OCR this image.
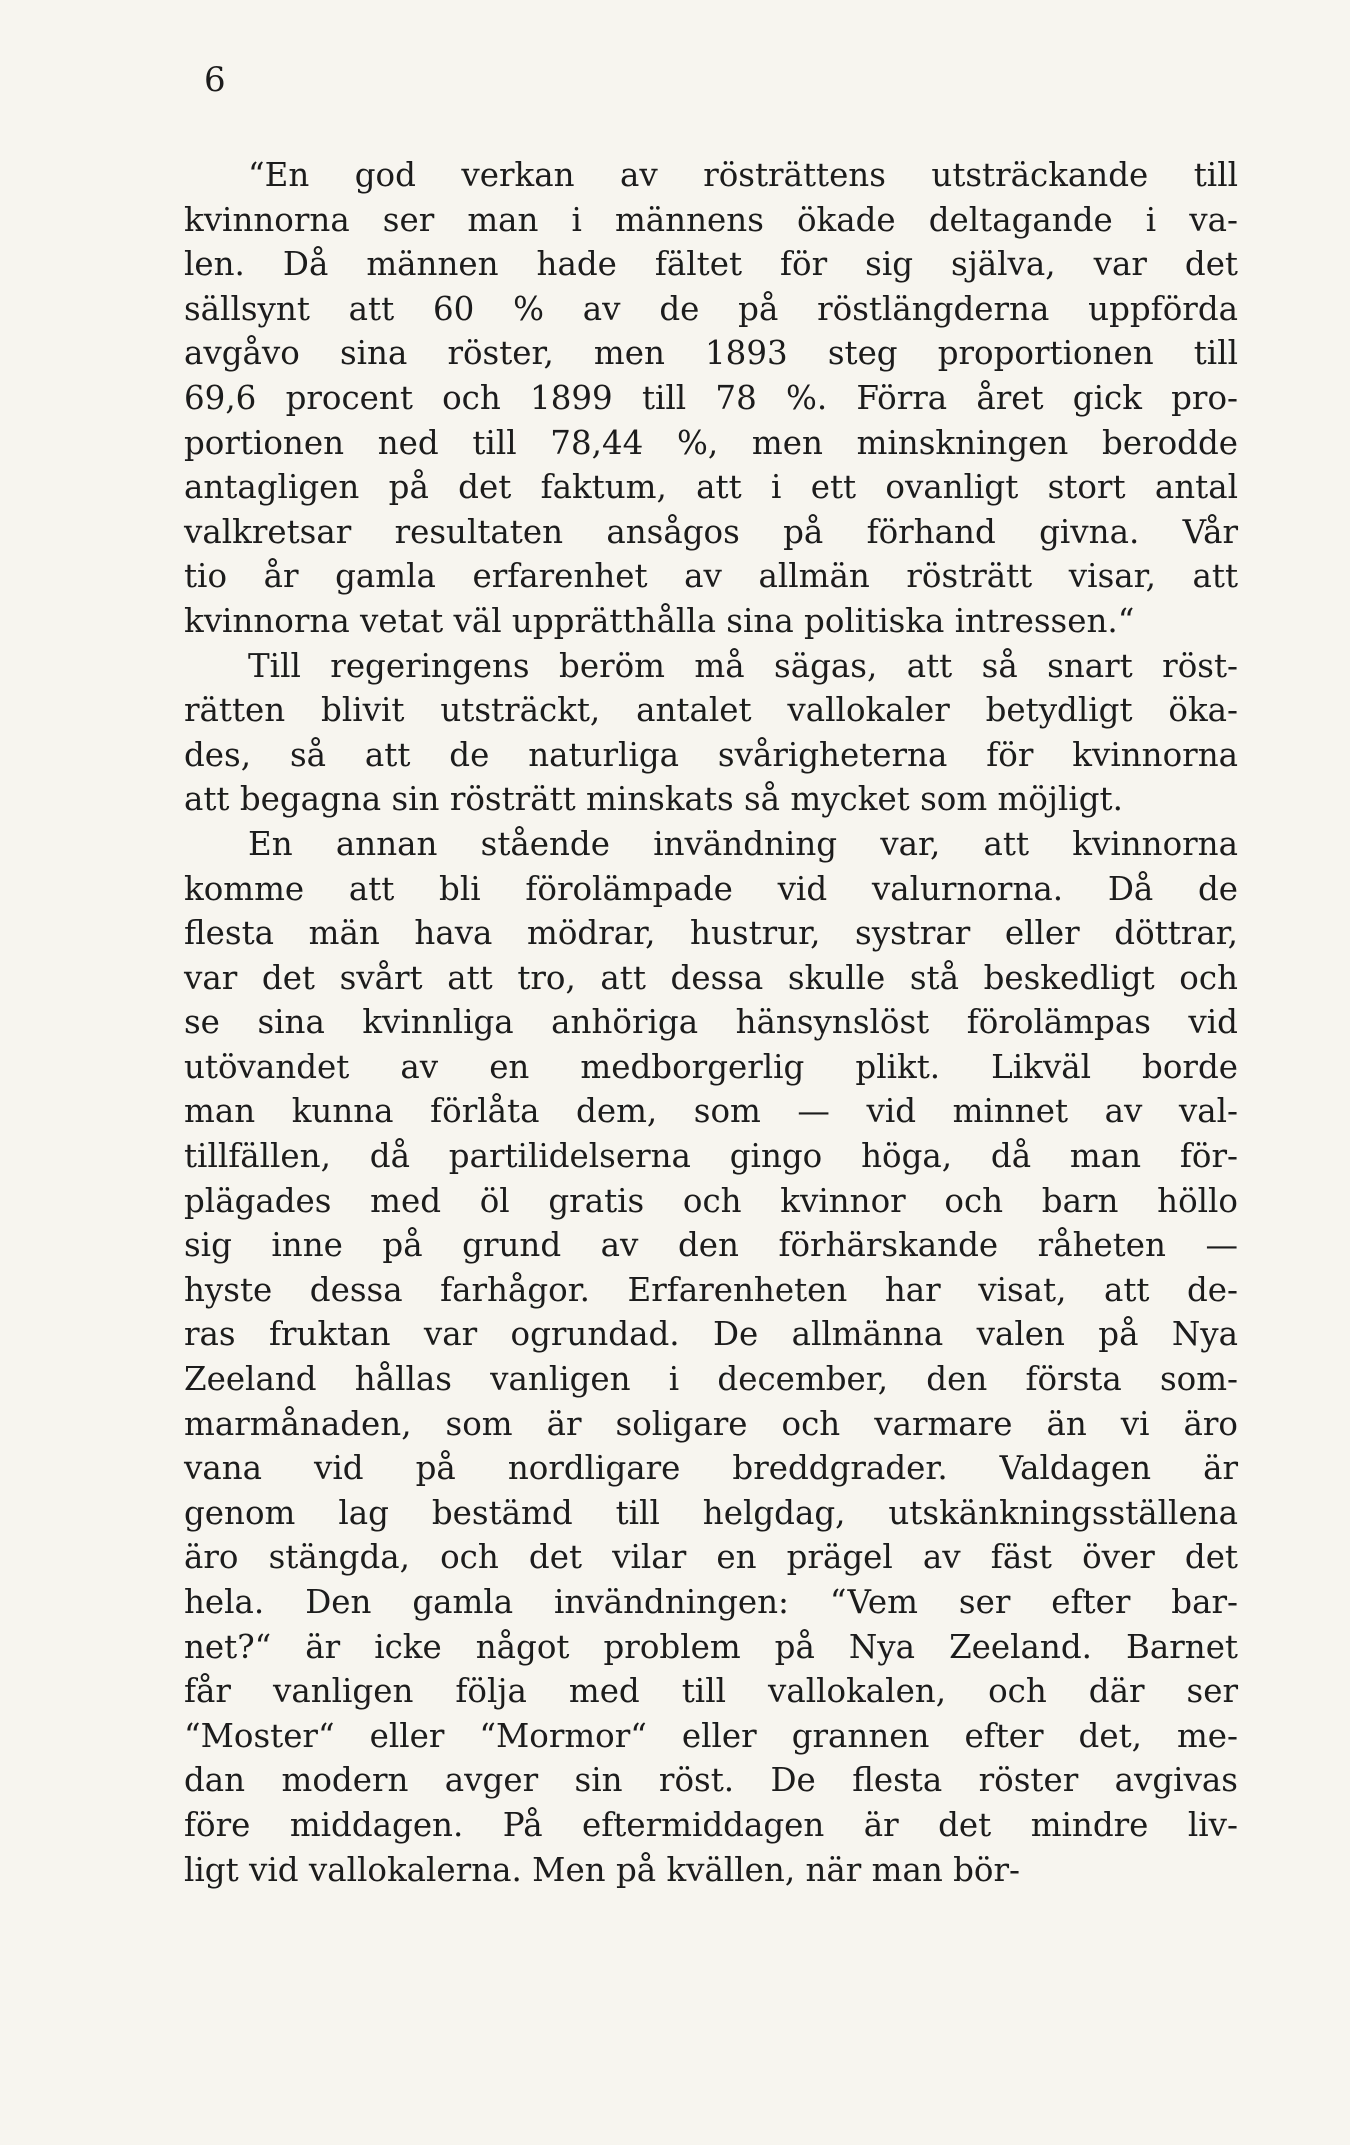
6
“En god verkan av rösträttens utsträckande till
kvinnorna ser man i männens ökade deltagande i va-
len. Då männen hade fältet för sig själva, var det
sällsynt att 60 % av de på röstlängderna uppförda
avgåvo sina röster, men 1893 steg proportionen till
69,6 procent och 1899 till 78 %. Förra året gick pro-
portionen ned till 78,44 %, men minskningen berodde
antagligen på det faktum, att i ett ovanligt stort antal
valkretsar resultaten ansågos på förhand givna. Vår
tio år gamla erfarenhet av allmän rösträtt visar, att
kvinnorna vetat väl upprätthålla sina politiska intressen.“
Till regeringens beröm må sägas, att så snart röst-
rätten blivit utsträckt, antalet vallokaler betydligt öka-
des, så att de naturliga svårigheterna för kvinnorna
att begagna sin rösträtt minskats så mycket som möjligt.
En annan stående invändning var, att kvinnorna
komme att bli förolämpade vid valurnorna. Då de
flesta män hava mödrar, hustrur, systrar eller döttrar,
var det svårt att tro, att dessa skulle stå beskedligt och
se sina kvinnliga anhöriga hänsynslöst förolämpas vid
utövandet av en medborgerlig plikt. Likväl borde
man kunna förlåta dem, som — vid minnet av val-
tillfällen, då partilidelserna gingo höga, då man för-
plägades med öl gratis och kvinnor och barn höllo
sig inne på grund av den förhärskande råheten —
hyste dessa farhågor. Erfarenheten har visat, att de-
ras fruktan var ogrundad. De allmänna valen på Nya
Zeeland hållas vanligen i december, den första som-
marmånaden, som är soligare och varmare än vi äro
vana vid på nordligare breddgrader. Valdagen är
genom lag bestämd till helgdag, utskänkningsställena
äro stängda, och det vilar en prägel av fäst över det
hela. Den gamla invändningen: “Vem ser efter bar-
net?“ är icke något problem på Nya Zeeland. Barnet
får vanligen följa med till vallokalen, och där ser
“Moster“ eller “Mormor“ eller grannen efter det, me-
dan modern avger sin röst. De flesta röster avgivas
före middagen. På eftermiddagen är det mindre liv-
ligt vid vallokalerna. Men på kvällen, när man bör-
